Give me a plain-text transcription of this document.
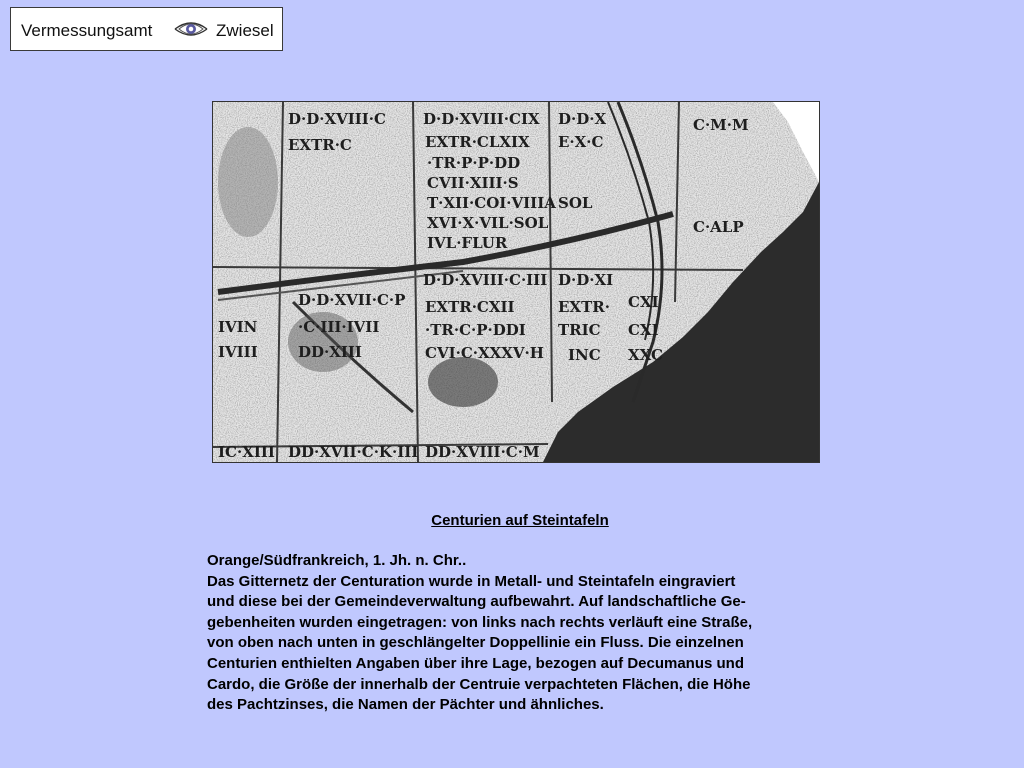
Vermessungsamt	Zwiesel
D·D·XVIII·C D·D·XVIII·CIX D·D·X	C·M·M
EXTR·C	EXTR·CLXIX
·TR·P·P·DD
CVII·XIII·S
T·XII·COI·VIIIA
XVI·X·VIL·SOL
IVL·FLUR
E·X·C
SOL
C·ALP
D·D·XVII·C·P
D·D·XVIII·C·III D·D·XI
EXTR·CXII	EXTR·
·TR·C·P·DDI TRIC
CVI·C·XXXV·H INC
CXI
CXI
XXC
·C·III·IVII
DD·XIII
IVIN
IVIII
DD·XVII·C·K·III DD·XVIII·C·M
IC·XIII
Centurien auf Steintafeln
Orange/Südfrankreich, 1. Jh. n. Chr..
Das Gitternetz der Centuration wurde in Metall- und Steintafeln eingraviert
und diese bei der Gemeindeverwaltung aufbewahrt. Auf landschaftliche Ge-
gebenheiten wurden eingetragen: von links nach rechts verläuft eine Straße,
von oben nach unten in geschlängelter Doppellinie ein Fluss. Die einzelnen
Centurien enthielten Angaben über ihre Lage, bezogen auf Decumanus und
Cardo, die Größe der innerhalb der Centruie verpachteten Flächen, die Höhe
des Pachtzinses, die Namen der Pächter und ähnliches.
